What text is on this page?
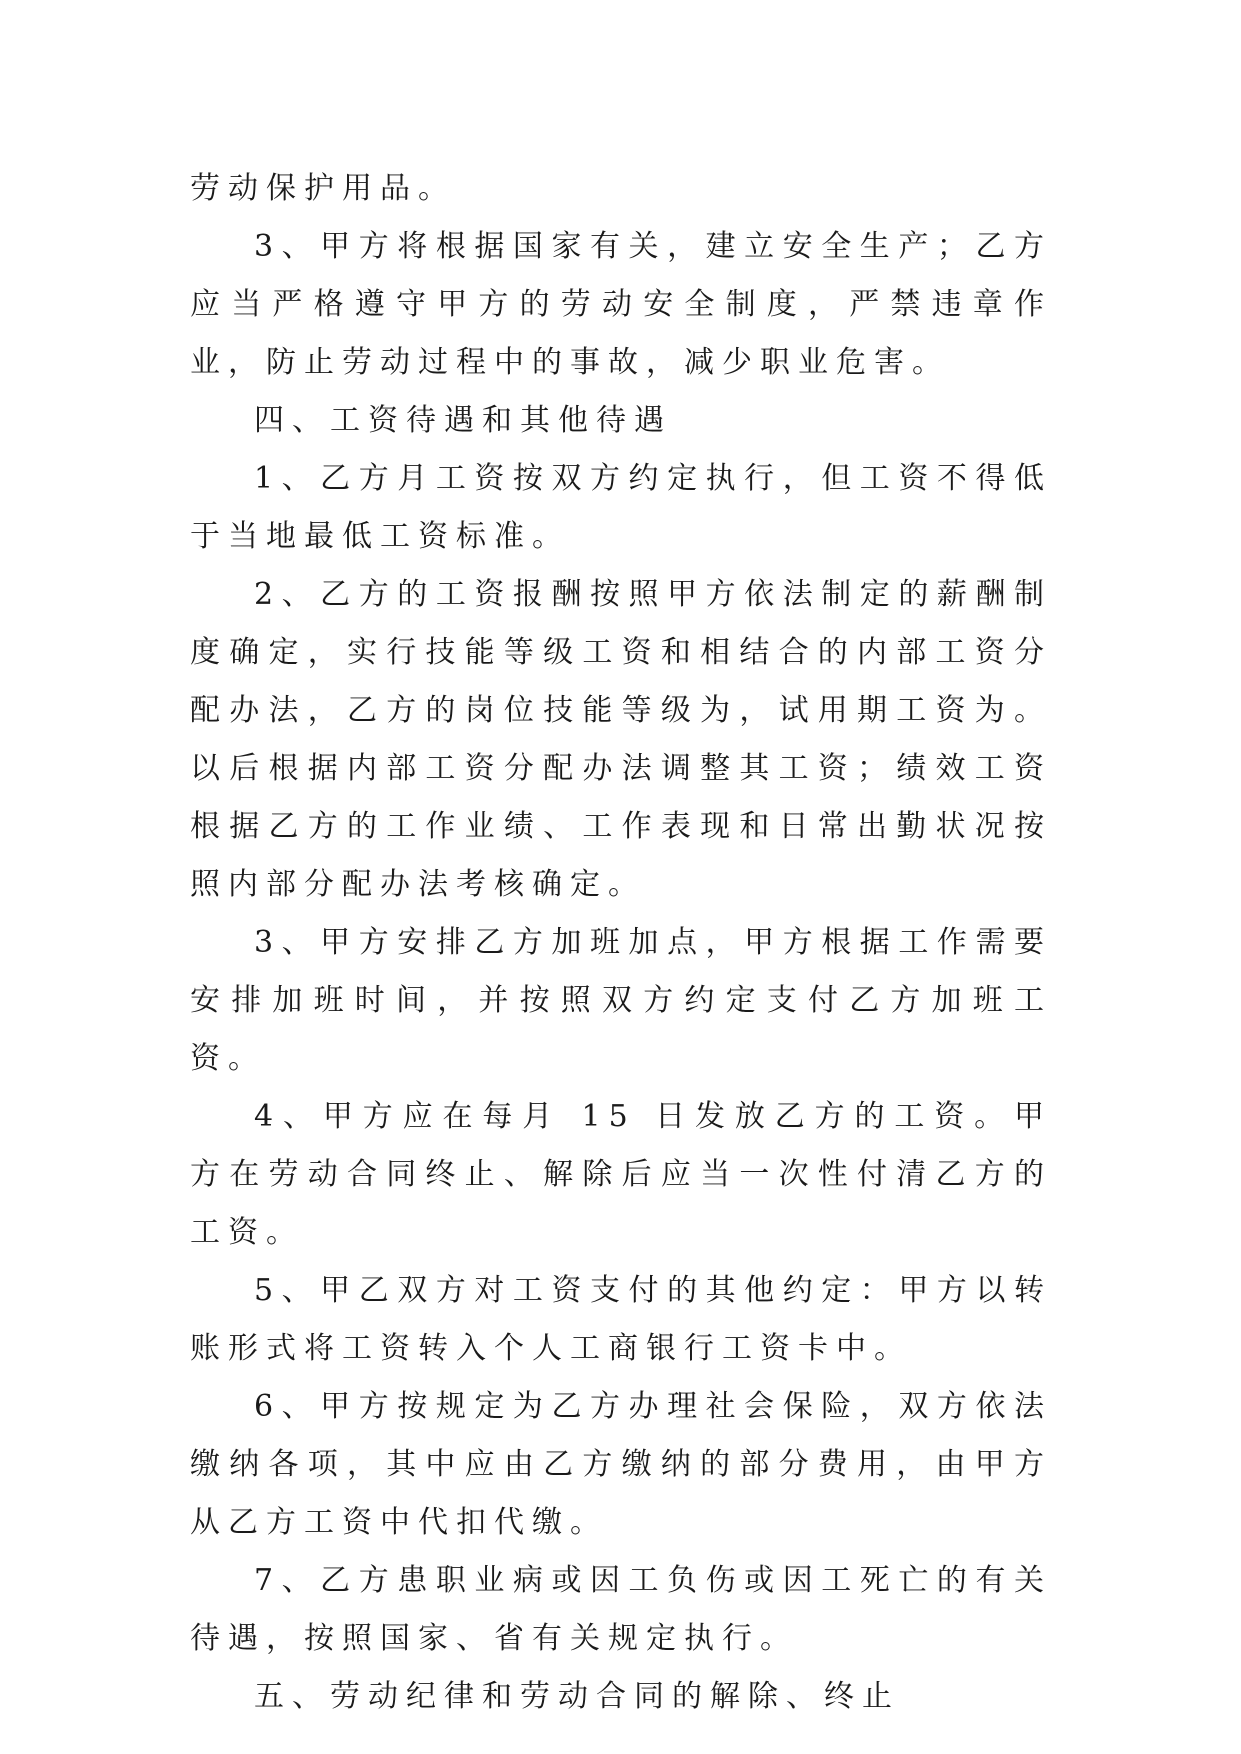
劳动保护用品。

3、甲方将根据国家有关，建立安全生产；乙方应当严格遵守甲方的劳动安全制度，严禁违章作业，防止劳动过程中的事故，减少职业危害。

四、工资待遇和其他待遇

1、乙方月工资按双方约定执行，但工资不得低于当地最低工资标准。

2、乙方的工资报酬按照甲方依法制定的薪酬制度确定，实行技能等级工资和相结合的内部工资分配办法，乙方的岗位技能等级为，试用期工资为。以后根据内部工资分配办法调整其工资；绩效工资根据乙方的工作业绩、工作表现和日常出勤状况按照内部分配办法考核确定。

3、甲方安排乙方加班加点，甲方根据工作需要安排加班时间，并按照双方约定支付乙方加班工资。

4、甲方应在每月 15 日发放乙方的工资。甲方在劳动合同终止、解除后应当一次性付清乙方的工资。

5、甲乙双方对工资支付的其他约定：甲方以转账形式将工资转入个人工商银行工资卡中。

6、甲方按规定为乙方办理社会保险，双方依法缴纳各项，其中应由乙方缴纳的部分费用，由甲方从乙方工资中代扣代缴。

7、乙方患职业病或因工负伤或因工死亡的有关待遇，按照国家、省有关规定执行。

五、劳动纪律和劳动合同的解除、终止
